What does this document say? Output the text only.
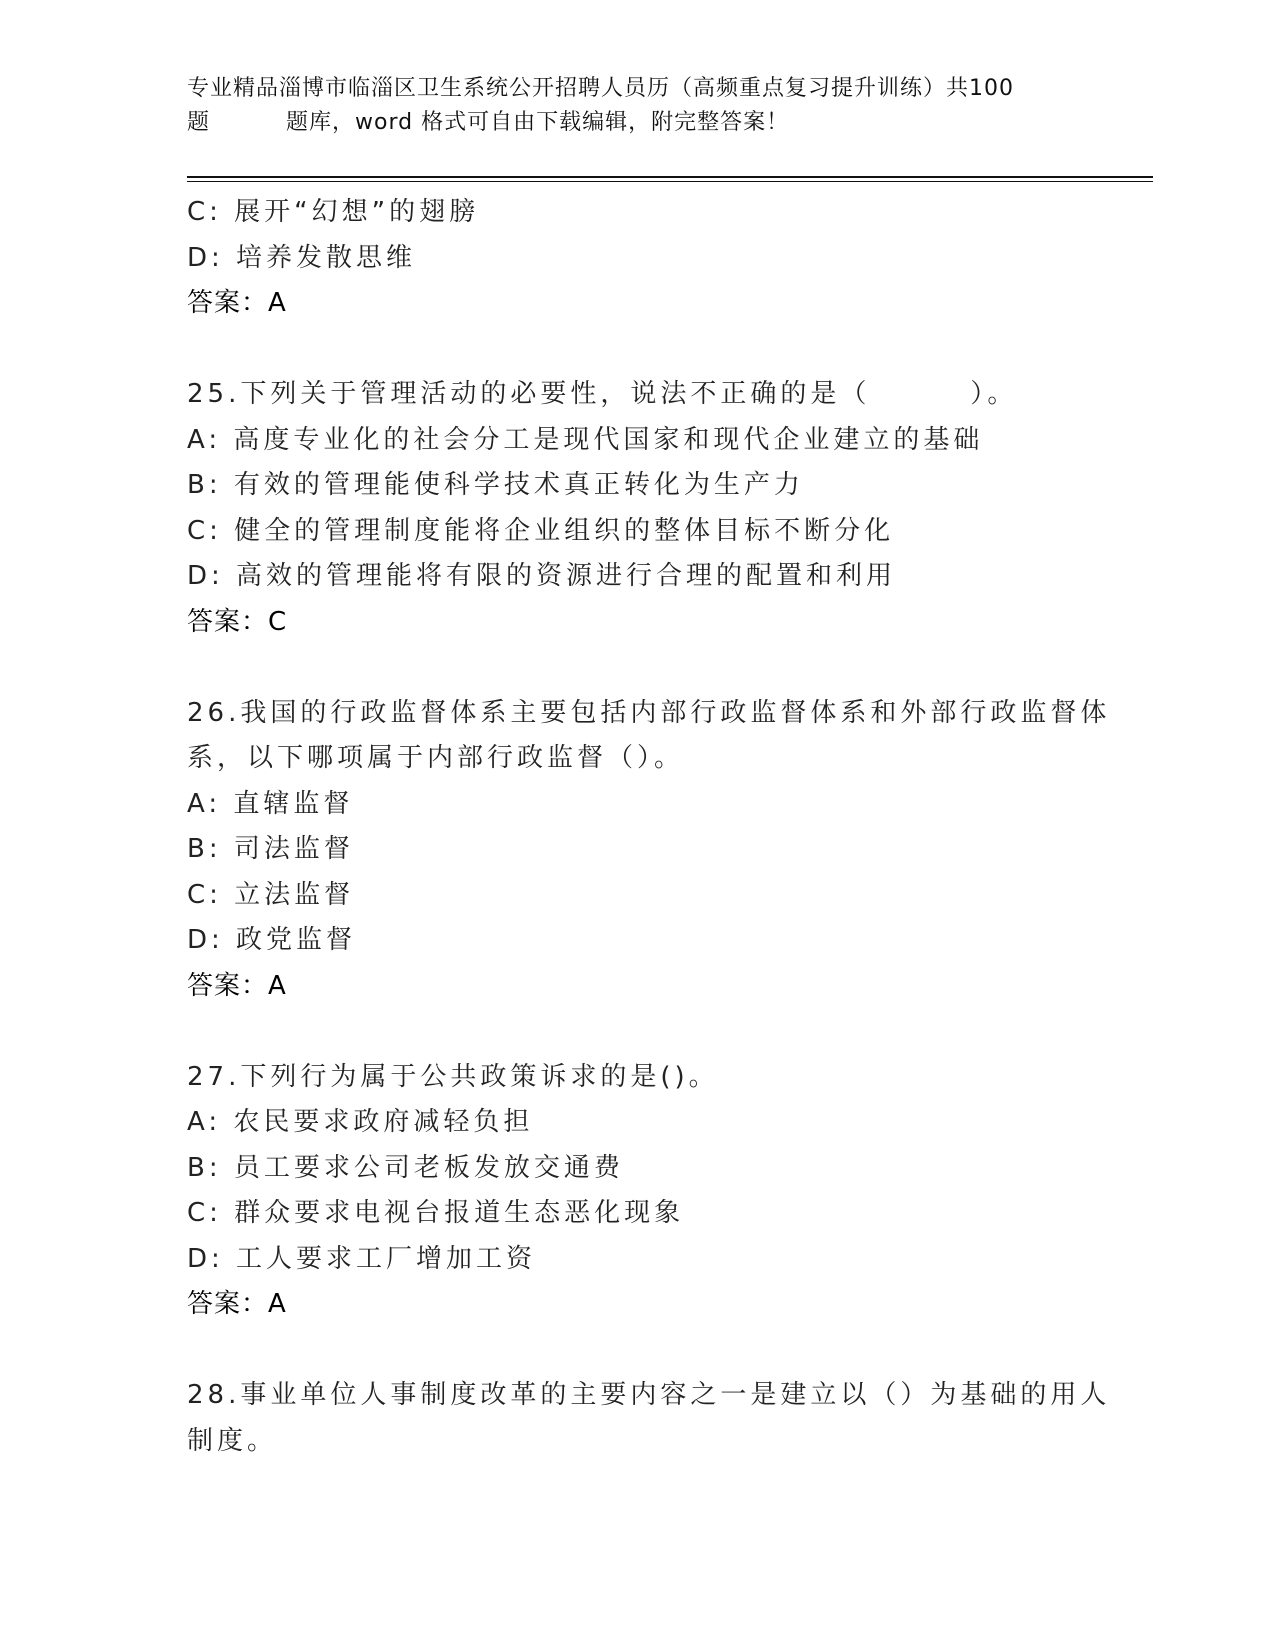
专业精品淄博市临淄区卫生系统公开招聘人员历（高频重点复习提升训练）共100
题	题库，word 格式可自由下载编辑，附完整答案！
C: 展开“幻想”的翅膀
D: 培养发散思维
答案：A
25.下列关于管理活动的必要性，说法不正确的是（	）。
A: 高度专业化的社会分工是现代国家和现代企业建立的基础
B: 有效的管理能使科学技术真正转化为生产力
C: 健全的管理制度能将企业组织的整体目标不断分化
D: 高效的管理能将有限的资源进行合理的配置和利用
答案：C
26.我国的行政监督体系主要包括内部行政监督体系和外部行政监督体
系，以下哪项属于内部行政监督（）。
A: 直辖监督
B: 司法监督
C: 立法监督
D: 政党监督
答案：A
27.下列行为属于公共政策诉求的是()。
A: 农民要求政府减轻负担
B: 员工要求公司老板发放交通费
C: 群众要求电视台报道生态恶化现象
D: 工人要求工厂增加工资
答案：A
28.事业单位人事制度改革的主要内容之一是建立以（）为基础的用人
制度。
